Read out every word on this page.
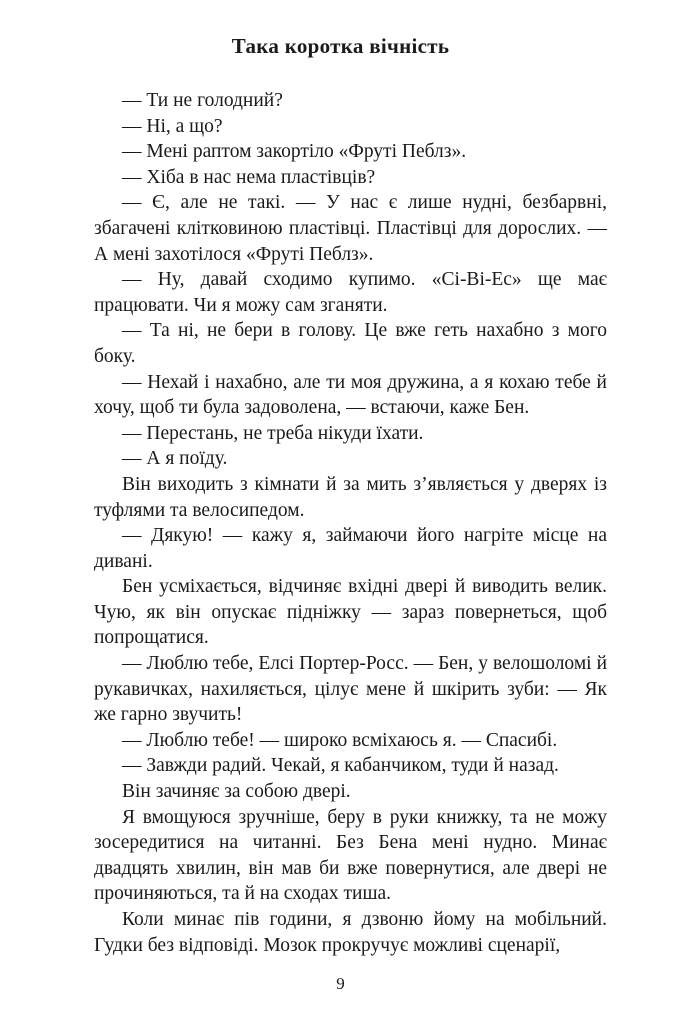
Така коротка вічність

— Ти не голодний?

— Ні, а що?

— Мені раптом закортіло «Фруті Пеблз».

— Хіба в нас нема пластівців?

— Є, але не такі. — У нас є лише нудні, безбарвні, збагачені клітковиною пластівці. Пластівці для дорослих. — А мені захотілося «Фруті Пеблз».

— Ну, давай сходимо купимо. «Сі-Ві-Ес» ще має працювати. Чи я можу сам зганяти.

— Та ні, не бери в голову. Це вже геть нахабно з мого боку.

— Нехай і нахабно, але ти моя дружина, а я кохаю тебе й хочу, щоб ти була задоволена, — встаючи, каже Бен.

— Перестань, не треба нікуди їхати.

— А я поїду.

Він виходить з кімнати й за мить з’являється у дверях із туфлями та велосипедом.

— Дякую! — кажу я, займаючи його нагріте місце на дивані.

Бен усміхається, відчиняє вхідні двері й виводить велик. Чую, як він опускає підніжку — зараз повернеться, щоб попрощатися.

— Люблю тебе, Елсі Портер-Росс. — Бен, у велошоломі й рукавичках, нахиляється, цілує мене й шкірить зуби: — Як же гарно звучить!

— Люблю тебе! — широко всміхаюсь я. — Спасибі.

— Завжди радий. Чекай, я кабанчиком, туди й назад.

Він зачиняє за собою двері.

Я вмощуюся зручніше, беру в руки книжку, та не можу зосередитися на читанні. Без Бена мені нудно. Минає двадцять хвилин, він мав би вже повернутися, але двері не прочиняються, та й на сходах тиша.

Коли минає пів години, я дзвоню йому на мобільний. Гудки без відповіді. Мозок прокручує можливі сценарії,

9
